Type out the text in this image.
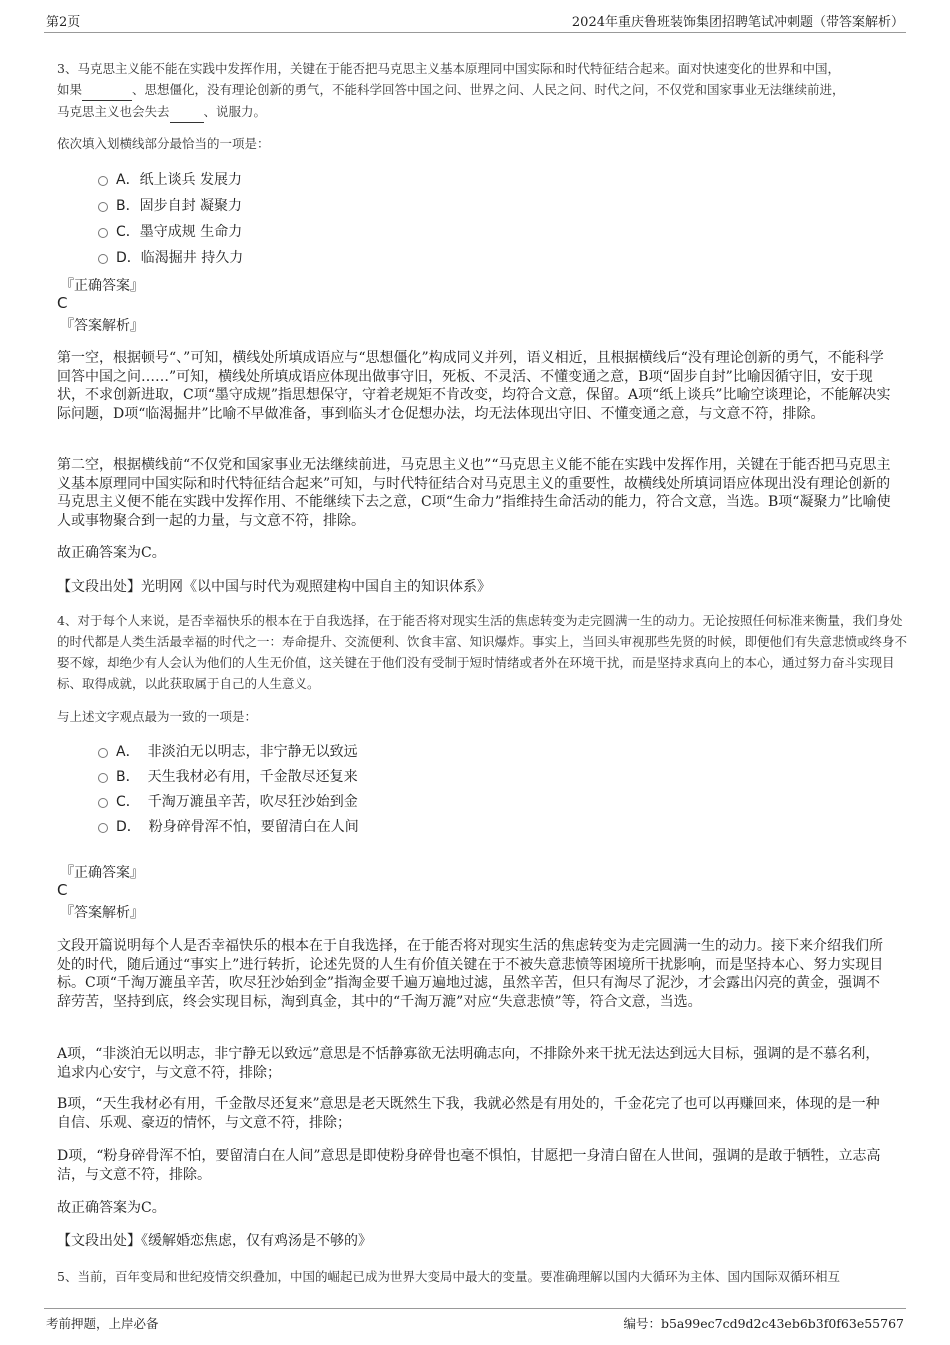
第2页	2024年重庆鲁班装饰集团招聘笔试冲刺题（带答案解析）
3、马克思主义能不能在实践中发挥作用，关键在于能否把马克思主义基本原理同中国实际和时代特征结合起来。面对快速变化的世界和中国，
如果	、思想僵化，没有理论创新的勇气，不能科学回答中国之问、世界之问、人民之问、时代之问，不仅党和国家事业无法继续前进，
马克思主义也会失去	、说服力。
依次填入划横线部分最恰当的一项是：
A．纸上谈兵 发展力
B．固步自封 凝聚力
C．墨守成规 生命力
D．临渴掘井 持久力
『正确答案』
C
『答案解析』
第一空，根据顿号“、”可知，横线处所填成语应与“思想僵化”构成同义并列，语义相近，且根据横线后“没有理论创新的勇气，不能科学回答中国之问……”可知，横线处所填成语应体现出做事守旧，死板、不灵活、不懂变通之意，B项“固步自封”比喻因循守旧，安于现状，不求创新进取，C项“墨守成规”指思想保守，守着老规矩不肯改变，均符合文意，保留。A项“纸上谈兵”比喻空谈理论，不能解决实际问题，D项“临渴掘井”比喻不早做准备，事到临头才仓促想办法，均无法体现出守旧、不懂变通之意，与文意不符，排除。
第二空，根据横线前“不仅党和国家事业无法继续前进，马克思主义也”“马克思主义能不能在实践中发挥作用，关键在于能否把马克思主义基本原理同中国实际和时代特征结合起来”可知，与时代特征结合对马克思主义的重要性，故横线处所填词语应体现出没有理论创新的马克思主义便不能在实践中发挥作用、不能继续下去之意，C项“生命力”指维持生命活动的能力，符合文意，当选。B项“凝聚力”比喻使人或事物聚合到一起的力量，与文意不符，排除。
故正确答案为C。
【文段出处】光明网《以中国与时代为观照建构中国自主的知识体系》
4、对于每个人来说，是否幸福快乐的根本在于自我选择，在于能否将对现实生活的焦虑转变为走完圆满一生的动力。无论按照任何标准来衡量，我们身处的时代都是人类生活最幸福的时代之一：寿命提升、交流便利、饮食丰富、知识爆炸。事实上，当回头审视那些先贤的时候，即便他们有失意悲愤或终身不娶不嫁，却绝少有人会认为他们的人生无价值，这关键在于他们没有受制于短时情绪或者外在环境干扰，而是坚持求真向上的本心，通过努力奋斗实现目标、取得成就，以此获取属于自己的人生意义。
与上述文字观点最为一致的一项是：
A． 非淡泊无以明志，非宁静无以致远
B． 天生我材必有用，千金散尽还复来
C． 千淘万漉虽辛苦，吹尽狂沙始到金
D． 粉身碎骨浑不怕，要留清白在人间
『正确答案』
C
『答案解析』
文段开篇说明每个人是否幸福快乐的根本在于自我选择，在于能否将对现实生活的焦虑转变为走完圆满一生的动力。接下来介绍我们所处的时代，随后通过“事实上”进行转折，论述先贤的人生有价值关键在于不被失意悲愤等困境所干扰影响，而是坚持本心、努力实现目标。C项“千淘万漉虽辛苦，吹尽狂沙始到金”指淘金要千遍万遍地过滤，虽然辛苦，但只有淘尽了泥沙，才会露出闪亮的黄金，强调不辞劳苦，坚持到底，终会实现目标，淘到真金，其中的“千淘万漉”对应“失意悲愤”等，符合文意，当选。
A项，“非淡泊无以明志，非宁静无以致远”意思是不恬静寡欲无法明确志向，不排除外来干扰无法达到远大目标，强调的是不慕名利，追求内心安宁，与文意不符，排除；
B项，“天生我材必有用，千金散尽还复来”意思是老天既然生下我，我就必然是有用处的，千金花完了也可以再赚回来，体现的是一种自信、乐观、豪迈的情怀，与文意不符，排除；
D项，“粉身碎骨浑不怕，要留清白在人间”意思是即使粉身碎骨也毫不惧怕，甘愿把一身清白留在人世间，强调的是敢于牺牲，立志高洁，与文意不符，排除。
故正确答案为C。
【文段出处】《缓解婚恋焦虑，仅有鸡汤是不够的》
5、当前，百年变局和世纪疫情交织叠加，中国的崛起已成为世界大变局中最大的变量。要准确理解以国内大循环为主体、国内国际双循环相互
考前押题，上岸必备	编号：b5a99ec7cd9d2c43eb6b3f0f63e55767
